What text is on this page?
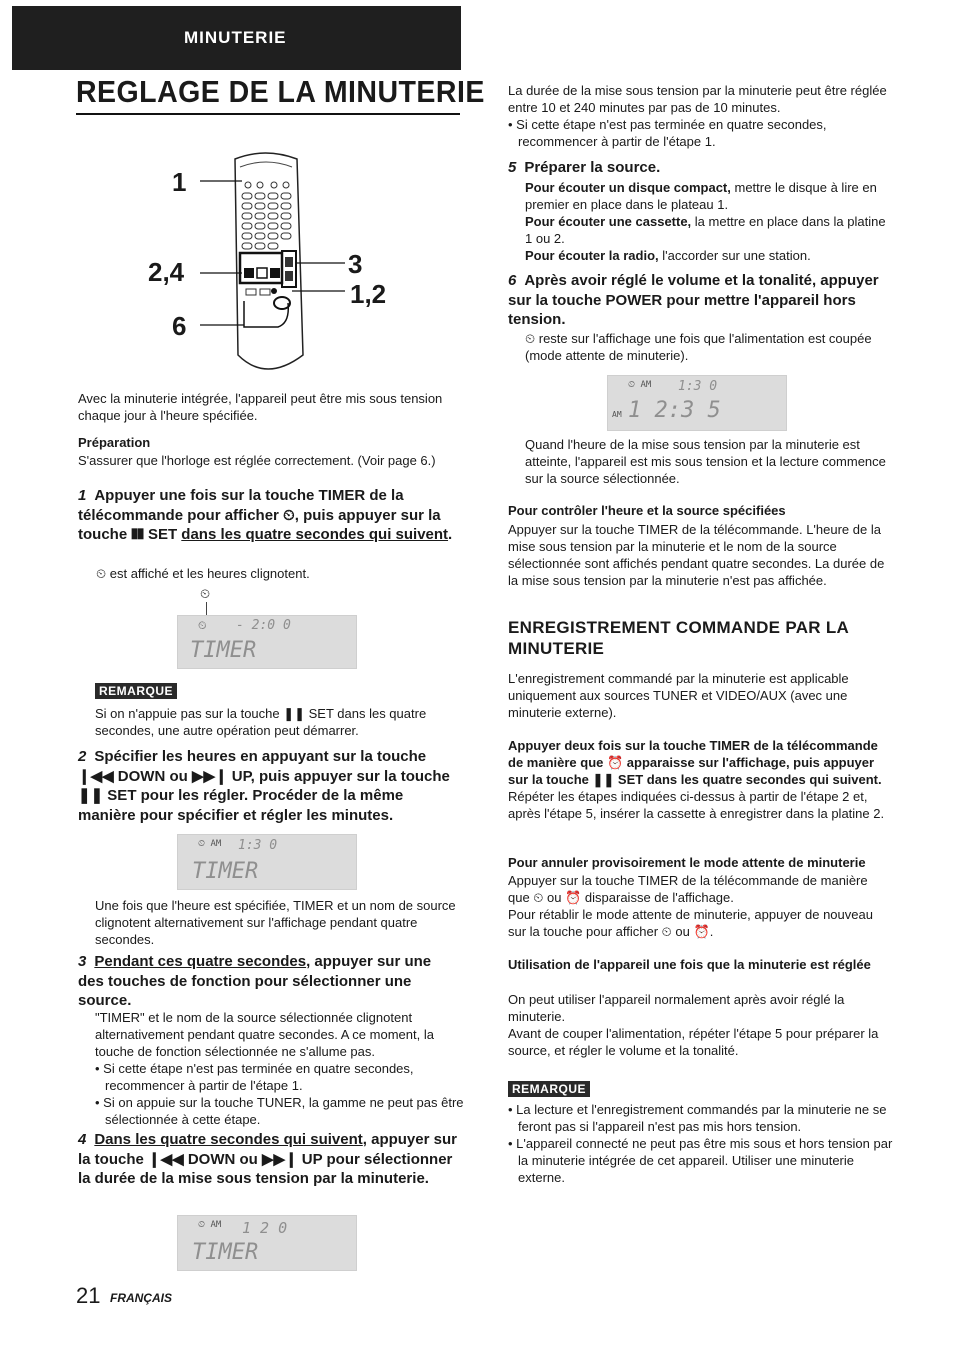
MINUTERIE
REGLAGE DE LA MINUTERIE
1
2,4
6
3
1,2
Avec la minuterie intégrée, l'appareil peut être mis sous tension chaque jour à l'heure spécifiée.
Préparation
S'assurer que l'horloge est réglée correctement. (Voir page 6.)
1 Appuyer une fois sur la touche TIMER de la télécommande pour afficher ⏲, puis appuyer sur la touche ❚❚ SET dans les quatre secondes qui suivent.
⏲ est affiché et les heures clignotent.
⏲
⏲ - 2:0 0
TIMER
REMARQUE
Si on n'appuie pas sur la touche ❚❚ SET dans les quatre secondes, une autre opération peut démarrer.
2 Spécifier les heures en appuyant sur la touche ❙◀◀ DOWN ou ▶▶❙ UP, puis appuyer sur la touche ❚❚ SET pour les régler. Procéder de la même manière pour spécifier et régler les minutes.
⏲ AM 1:3 0
TIMER
Une fois que l'heure est spécifiée, TIMER et un nom de source clignotent alternativement sur l'affichage pendant quatre secondes.
3 Pendant ces quatre secondes, appuyer sur une des touches de fonction pour sélectionner une source.
"TIMER" et le nom de la source sélectionnée clignotent alternativement pendant quatre secondes. A ce moment, la touche de fonction sélectionnée ne s'allume pas.
• Si cette étape n'est pas terminée en quatre secondes, recommencer à partir de l'étape 1.
• Si on appuie sur la touche TUNER, la gamme ne peut pas être sélectionnée à cette étape.
4 Dans les quatre secondes qui suivent, appuyer sur la touche ❙◀◀ DOWN ou ▶▶❙ UP pour sélectionner la durée de la mise sous tension par la minuterie.
⏲ AM 1 2 0
TIMER
21 FRANÇAIS
La durée de la mise sous tension par la minuterie peut être réglée entre 10 et 240 minutes par pas de 10 minutes.
• Si cette étape n'est pas terminée en quatre secondes, recommencer à partir de l'étape 1.
5 Préparer la source.
Pour écouter un disque compact, mettre le disque à lire en premier en place dans le plateau 1.
Pour écouter une cassette, la mettre en place dans la platine 1 ou 2.
Pour écouter la radio, l'accorder sur une station.
6 Après avoir réglé le volume et la tonalité, appuyer sur la touche POWER pour mettre l'appareil hors tension.
⏲ reste sur l'affichage une fois que l'alimentation est coupée (mode attente de minuterie).
⏲ AM 1:3 0
AM 1 2:3 5
Quand l'heure de la mise sous tension par la minuterie est atteinte, l'appareil est mis sous tension et la lecture commence sur la source sélectionnée.
Pour contrôler l'heure et la source spécifiées
Appuyer sur la touche TIMER de la télécommande. L'heure de la mise sous tension par la minuterie et le nom de la source sélectionnée sont affichés pendant quatre secondes. La durée de la mise sous tension par la minuterie n'est pas affichée.
ENREGISTREMENT COMMANDE PAR LA MINUTERIE
L'enregistrement commandé par la minuterie est applicable uniquement aux sources TUNER et VIDEO/AUX (avec une minuterie externe).
Appuyer deux fois sur la touche TIMER de la télécommande de manière que ⏰ apparaisse sur l'affichage, puis appuyer sur la touche ❚❚ SET dans les quatre secondes qui suivent.
Répéter les étapes indiquées ci-dessus à partir de l'étape 2 et, après l'étape 5, insérer la cassette à enregistrer dans la platine 2.
Pour annuler provisoirement le mode attente de minuterie
Appuyer sur la touche TIMER de la télécommande de manière que ⏲ ou ⏰ disparaisse de l'affichage.
Pour rétablir le mode attente de minuterie, appuyer de nouveau sur la touche pour afficher ⏲ ou ⏰.
Utilisation de l'appareil une fois que la minuterie est réglée
On peut utiliser l'appareil normalement après avoir réglé la minuterie.
Avant de couper l'alimentation, répéter l'étape 5 pour préparer la source, et régler le volume et la tonalité.
REMARQUE
• La lecture et l'enregistrement commandés par la minuterie ne se feront pas si l'appareil n'est pas mis hors tension.
• L'appareil connecté ne peut pas être mis sous et hors tension par la minuterie intégrée de cet appareil. Utiliser une minuterie externe.
